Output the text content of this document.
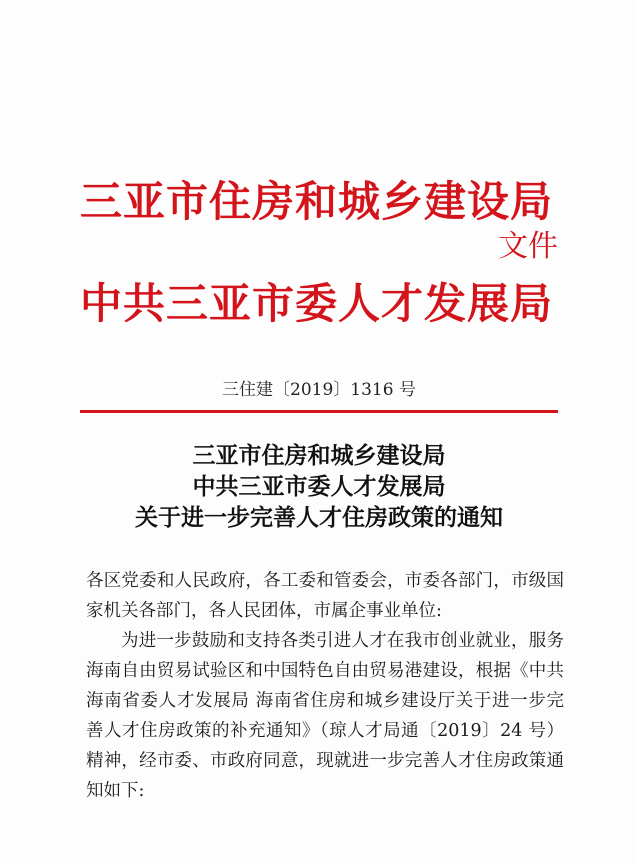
三亚市住房和城乡建设局
文件
中共三亚市委人才发展局
三住建〔2019〕1316 号
三亚市住房和城乡建设局
中共三亚市委人才发展局
关于进一步完善人才住房政策的通知

各区党委和人民政府，各工委和管委会，市委各部门，市级国家机关各部门，各人民团体，市属企事业单位:

为进一步鼓励和支持各类引进人才在我市创业就业，服务海南自由贸易试验区和中国特色自由贸易港建设，根据《中共海南省委人才发展局 海南省住房和城乡建设厅关于进一步完善人才住房政策的补充通知》（琼人才局通〔2019〕24 号）精神，经市委、市政府同意，现就进一步完善人才住房政策通知如下:
